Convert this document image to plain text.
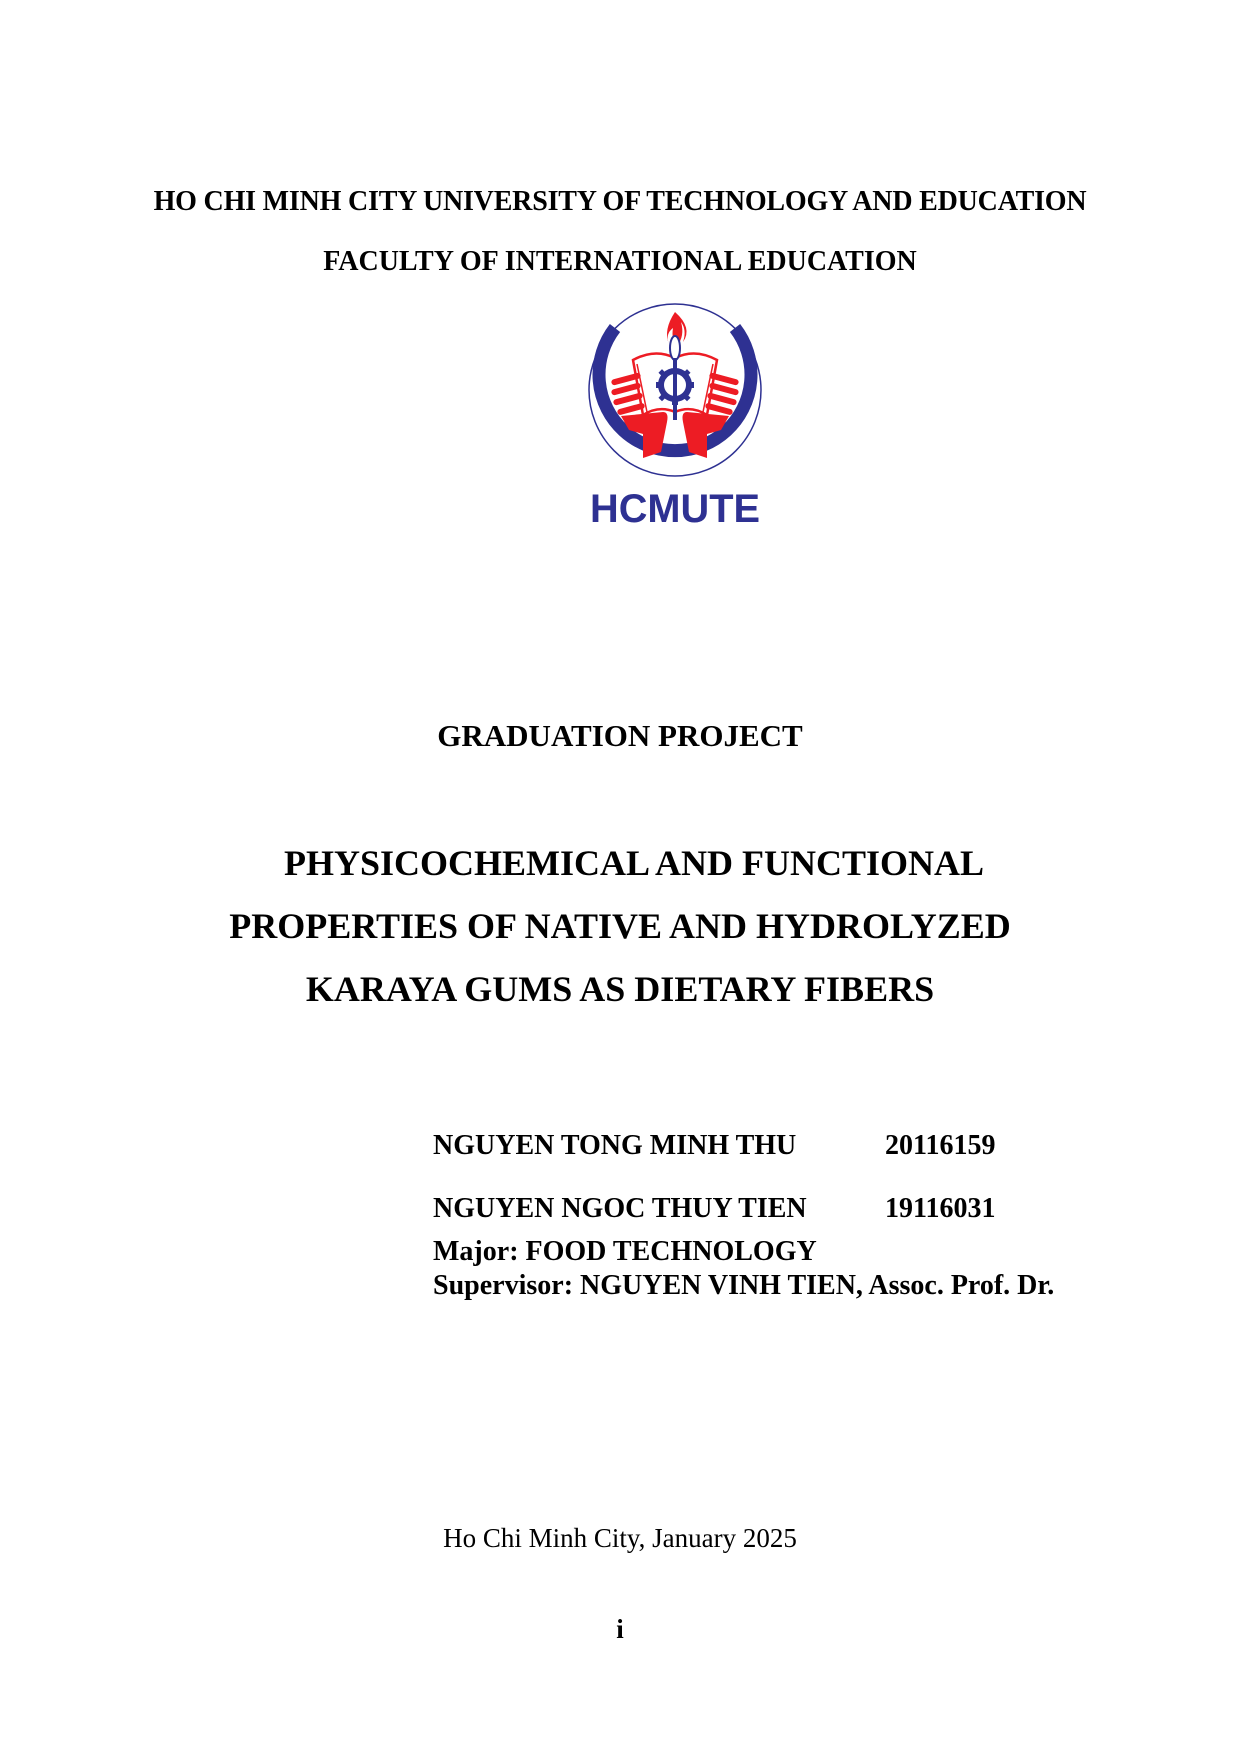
HO CHI MINH CITY UNIVERSITY OF TECHNOLOGY AND EDUCATION
FACULTY OF INTERNATIONAL EDUCATION
HCMUTE
GRADUATION PROJECT
PHYSICOCHEMICAL AND FUNCTIONAL
PROPERTIES OF NATIVE AND HYDROLYZED
KARAYA GUMS AS DIETARY FIBERS
NGUYEN TONG MINH THU	20116159
NGUYEN NGOC THUY TIEN	19116031
Major: FOOD TECHNOLOGY
Supervisor: NGUYEN VINH TIEN, Assoc. Prof. Dr.
Ho Chi Minh City, January 2025
i
